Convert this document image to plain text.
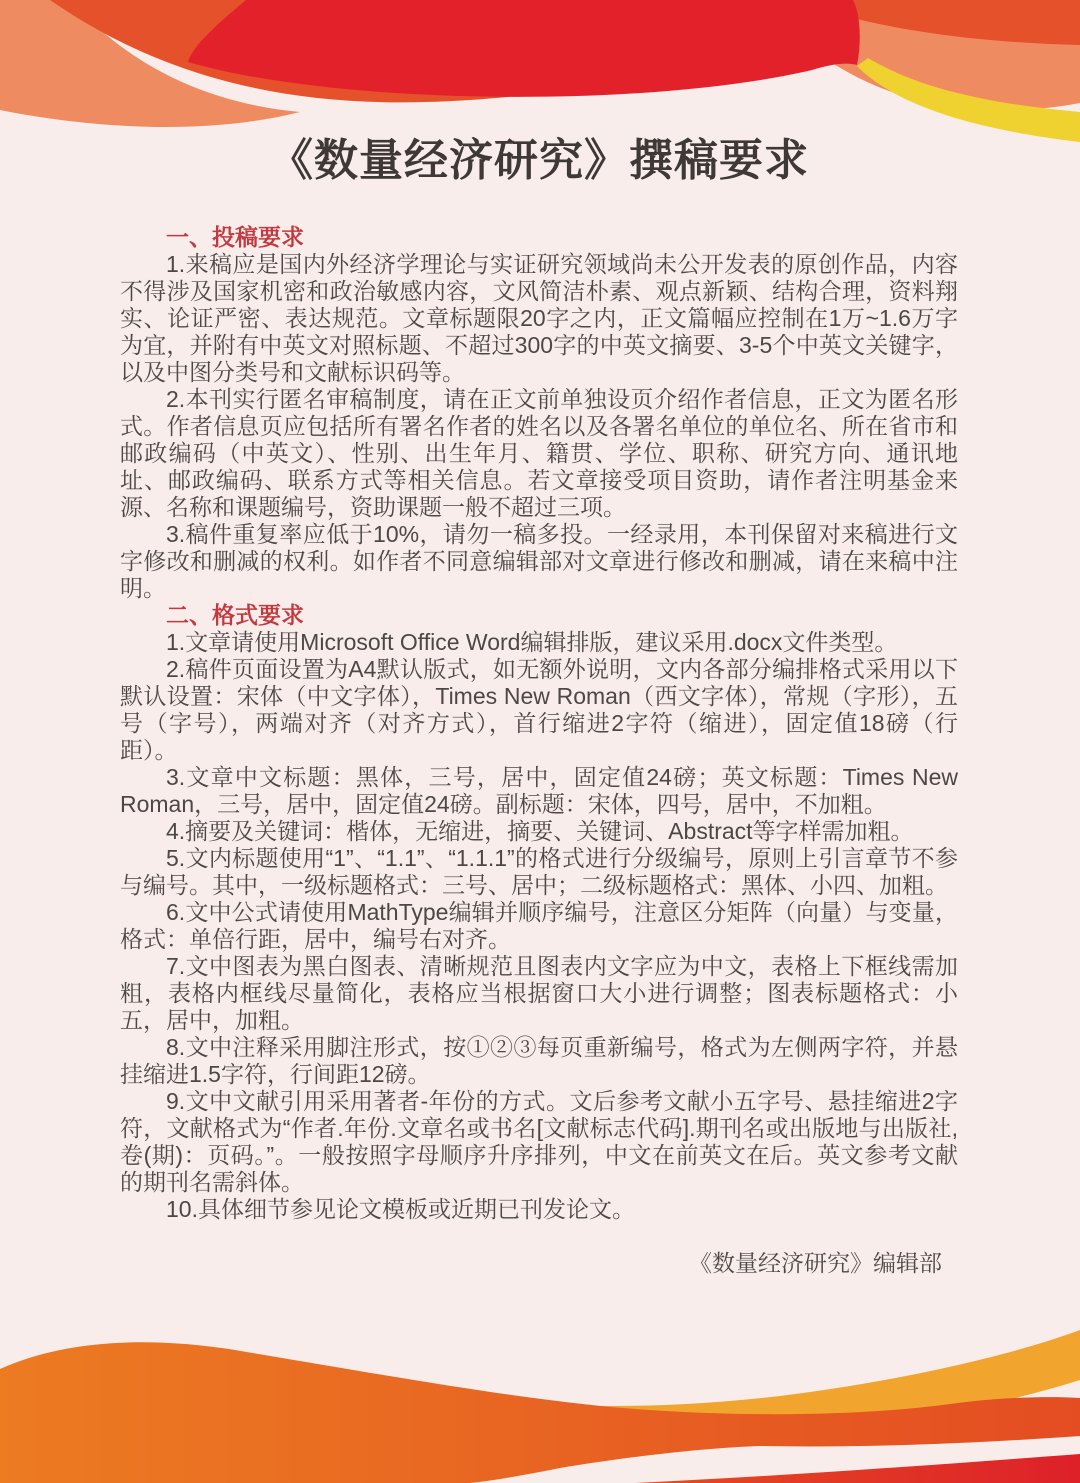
《数量经济研究》撰稿要求

一、投稿要求

1.来稿应是国内外经济学理论与实证研究领域尚未公开发表的原创作品，内容不得涉及国家机密和政治敏感内容，文风简洁朴素、观点新颖、结构合理，资料翔实、论证严密、表达规范。文章标题限20字之内，正文篇幅应控制在1万~1.6万字为宜，并附有中英文对照标题、不超过300字的中英文摘要、3-5个中英文关键字，以及中图分类号和文献标识码等。

2.本刊实行匿名审稿制度，请在正文前单独设页介绍作者信息，正文为匿名形式。作者信息页应包括所有署名作者的姓名以及各署名单位的单位名、所在省市和邮政编码（中英文）、性别、出生年月、籍贯、学位、职称、研究方向、通讯地址、邮政编码、联系方式等相关信息。若文章接受项目资助，请作者注明基金来源、名称和课题编号，资助课题一般不超过三项。

3.稿件重复率应低于10%，请勿一稿多投。一经录用，本刊保留对来稿进行文字修改和删减的权利。如作者不同意编辑部对文章进行修改和删减，请在来稿中注明。

二、格式要求

1.文章请使用Microsoft Office Word编辑排版，建议采用.docx文件类型。

2.稿件页面设置为A4默认版式，如无额外说明，文内各部分编排格式采用以下默认设置：宋体（中文字体），Times New Roman（西文字体），常规（字形），五号（字号），两端对齐（对齐方式），首行缩进2字符（缩进），固定值18磅（行距）。

3.文章中文标题：黑体，三号，居中，固定值24磅；英文标题：Times New Roman，三号，居中，固定值24磅。副标题：宋体，四号，居中，不加粗。

4.摘要及关键词：楷体，无缩进，摘要、关键词、Abstract等字样需加粗。

5.文内标题使用“1”、“1.1”、“1.1.1”的格式进行分级编号，原则上引言章节不参与编号。其中，一级标题格式：三号、居中；二级标题格式：黑体、小四、加粗。

6.文中公式请使用MathType编辑并顺序编号，注意区分矩阵（向量）与变量，格式：单倍行距，居中，编号右对齐。

7.文中图表为黑白图表、清晰规范且图表内文字应为中文，表格上下框线需加粗，表格内框线尽量简化，表格应当根据窗口大小进行调整；图表标题格式：小五，居中，加粗。

8.文中注释采用脚注形式，按①②③每页重新编号，格式为左侧两字符，并悬挂缩进1.5字符，行间距12磅。

9.文中文献引用采用著者-年份的方式。文后参考文献小五字号、悬挂缩进2字符，文献格式为“作者.年份.文章名或书名[文献标志代码].期刊名或出版地与出版社,卷(期)：页码。”。一般按照字母顺序升序排列，中文在前英文在后。英文参考文献的期刊名需斜体。

10.具体细节参见论文模板或近期已刊发论文。

《数量经济研究》编辑部
